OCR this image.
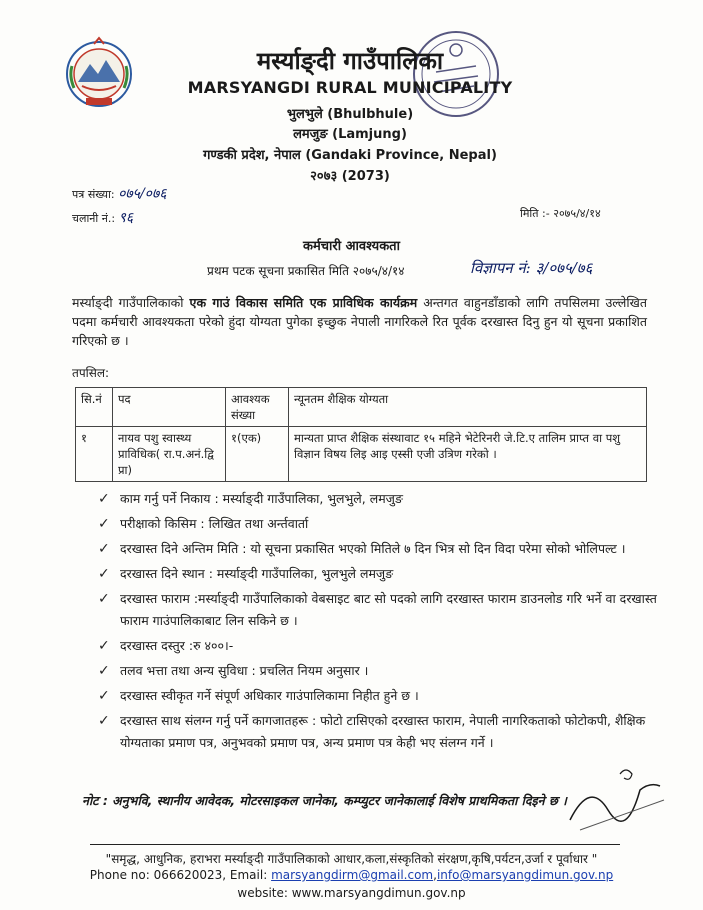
मर्स्याङ्दी गाउँपालिका
MARSYANGDI RURAL MUNICIPALITY
भुलभुले (Bhulbhule)
लमजुङ (Lamjung)
गण्डकी प्रदेश, नेपाल (Gandaki Province, Nepal)
२०७३ (2073)
पत्र संख्या: ०७५/०७६
चलानी नं.: ९६	मिति :- २०७५/४/१४
कर्मचारी आवश्यकता
प्रथम पटक सूचना प्रकासित मिति २०७५/४/१४	विज्ञापन नं: ३/०७५/७६
मर्स्याङ्दी गाउँपालिकाको एक गाउं विकास समिति एक प्राविधिक कार्यक्रम अन्तगत वाहुनडाँडाको लागि तपसिलमा उल्लेखित पदमा कर्मचारी आवश्यकता परेको हुंदा योग्यता पुगेका इच्छुक नेपाली नागरिकले रित पूर्वक दरखास्त दिनु हुन यो सूचना प्रकाशित गरिएको छ ।
तपसिल:
सि.नं	पद	आवश्यक संख्या	न्यूनतम शैक्षिक योग्यता
१	नायव पशु स्वास्थ्य प्राविधिक( रा.प.अनं.द्वि प्रा)	१(एक)	मान्यता प्राप्त शैक्षिक संस्थावाट १५ महिने भेटेरिनरी जे.टि.ए तालिम प्राप्त वा पशु विज्ञान विषय लिइ आइ एस्सी एजी उत्रिण गरेको ।
✓ काम गर्नु पर्ने निकाय : मर्स्याङ्दी गाउँपालिका, भुलभुले, लमजुङ
✓ परीक्षाको किसिम : लिखित तथा अर्न्तवार्ता
✓ दरखास्त दिने अन्तिम मिति : यो सूचना प्रकासित भएको मितिले ७ दिन भित्र सो दिन विदा परेमा सोको भोलिपल्ट ।
✓ दरखास्त दिने स्थान : मर्स्याङ्दी गाउँपालिका, भुलभुले लमजुङ
✓ दरखास्त फाराम :मर्स्याङ्दी गाउँपालिकाको वेबसाइट बाट सो पदको लागि दरखास्त फाराम डाउनलोड गरि भर्ने वा दरखास्त फाराम गाउंपालिकाबाट लिन सकिने छ ।
✓ दरखास्त दस्तुर :रु ४००।-
✓ तलव भत्ता तथा अन्य सुविधा : प्रचलित नियम अनुसार ।
✓ दरखास्त स्वीकृत गर्ने संपूर्ण अधिकार गाउंपालिकामा निहीत हुने छ ।
✓ दरखास्त साथ संलग्न गर्नु पर्ने कागजातहरू : फोटो टासिएको दरखास्त फाराम, नेपाली नागरिकताको फोटोकपी, शैक्षिक योग्यताका प्रमाण पत्र, अनुभवको प्रमाण पत्र, अन्य प्रमाण पत्र केही भए संलग्न गर्ने ।
नोट : अनुभवि, स्थानीय आवेदक, मोटरसाइकल जानेका, कम्प्युटर जानेकालाई विशेष प्राथमिकता दिइने छ ।
"समृद्ध, आधुनिक, हराभरा मर्स्याङ्दी गाउँपालिकाको आधार,कला,संस्कृतिको संरक्षण,कृषि,पर्यटन,उर्जा र पूर्वाधार "
Phone no: 066620023, Email: marsyangdirm@gmail.com,info@marsyangdimun.gov.np
website: www.marsyangdimun.gov.np
